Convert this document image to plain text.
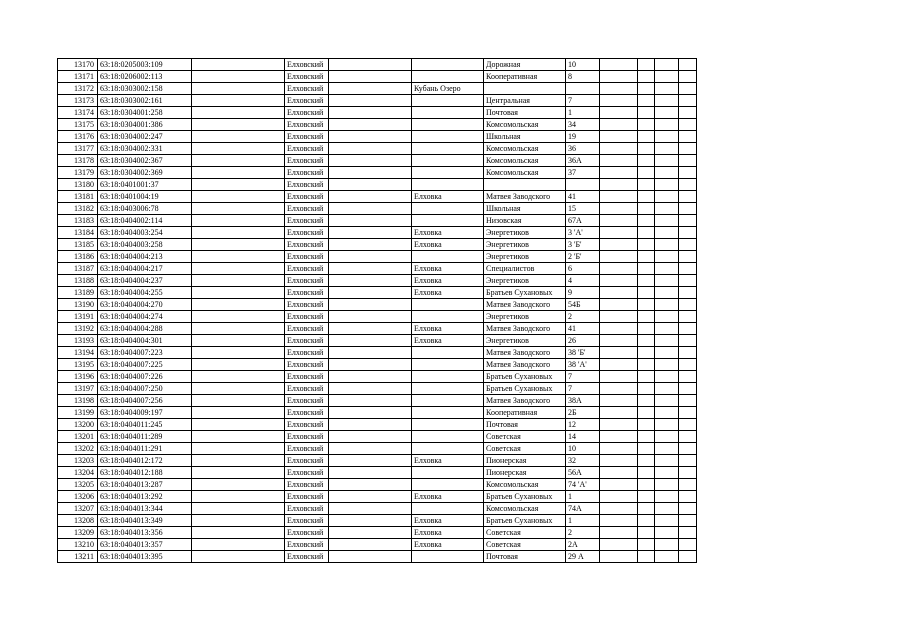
13170	63:18:0205003:109		Елховский			Дорожная	10				
13171	63:18:0206002:113		Елховский			Кооперативная	8				
13172	63:18:0303002:158		Елховский		Кубань Озеро						
13173	63:18:0303002:161		Елховский			Центральная	7				
13174	63:18:0304001:258		Елховский			Почтовая	1				
13175	63:18:0304001:386		Елховский			Комсомольская	34				
13176	63:18:0304002:247		Елховский			Школьная	19				
13177	63:18:0304002:331		Елховский			Комсомольская	36				
13178	63:18:0304002:367		Елховский			Комсомольская	36А				
13179	63:18:0304002:369		Елховский			Комсомольская	37				
13180	63:18:0401001:37		Елховский								
13181	63:18:0401004:19		Елховский		Елховка	Матвея Заводского	41				
13182	63:18:0403006:78		Елховский			Школьная	15				
13183	63:18:0404002:114		Елховский			Низовская	67А				
13184	63:18:0404003:254		Елховский		Елховка	Энергетиков	3 'А'				
13185	63:18:0404003:258		Елховский		Елховка	Энергетиков	3 'Б'				
13186	63:18:0404004:213		Елховский			Энергетиков	2 'Б'				
13187	63:18:0404004:217		Елховский		Елховка	Специалистов	6				
13188	63:18:0404004:237		Елховский		Елховка	Энергетиков	4				
13189	63:18:0404004:255		Елховский		Елховка	Братьев Сухановых	9				
13190	63:18:0404004:270		Елховский			Матвея Заводского	54Б				
13191	63:18:0404004:274		Елховский			Энергетиков	2				
13192	63:18:0404004:288		Елховский		Елховка	Матвея Заводского	41				
13193	63:18:0404004:301		Елховский		Елховка	Энергетиков	26				
13194	63:18:0404007:223		Елховский			Матвея Заводского	38 'Б'				
13195	63:18:0404007:225		Елховский			Матвея Заводского	38 'А'				
13196	63:18:0404007:226		Елховский			Братьев Сухановых	7				
13197	63:18:0404007:250		Елховский			Братьев Сухановых	7				
13198	63:18:0404007:256		Елховский			Матвея Заводского	38А				
13199	63:18:0404009:197		Елховский			Кооперативная	2Б				
13200	63:18:0404011:245		Елховский			Почтовая	12				
13201	63:18:0404011:289		Елховский			Советская	14				
13202	63:18:0404011:291		Елховский			Советская	10				
13203	63:18:0404012:172		Елховский		Елховка	Пионерская	32				
13204	63:18:0404012:188		Елховский			Пионерская	56А				
13205	63:18:0404013:287		Елховский			Комсомольская	74 'А'				
13206	63:18:0404013:292		Елховский		Елховка	Братьев Сухановых	1				
13207	63:18:0404013:344		Елховский			Комсомольская	74А				
13208	63:18:0404013:349		Елховский		Елховка	Братьев Сухановых	1				
13209	63:18:0404013:356		Елховский		Елховка	Советская	2				
13210	63:18:0404013:357		Елховский		Елховка	Советская	2А				
13211	63:18:0404013:395		Елховский			Почтовая	29 А				
